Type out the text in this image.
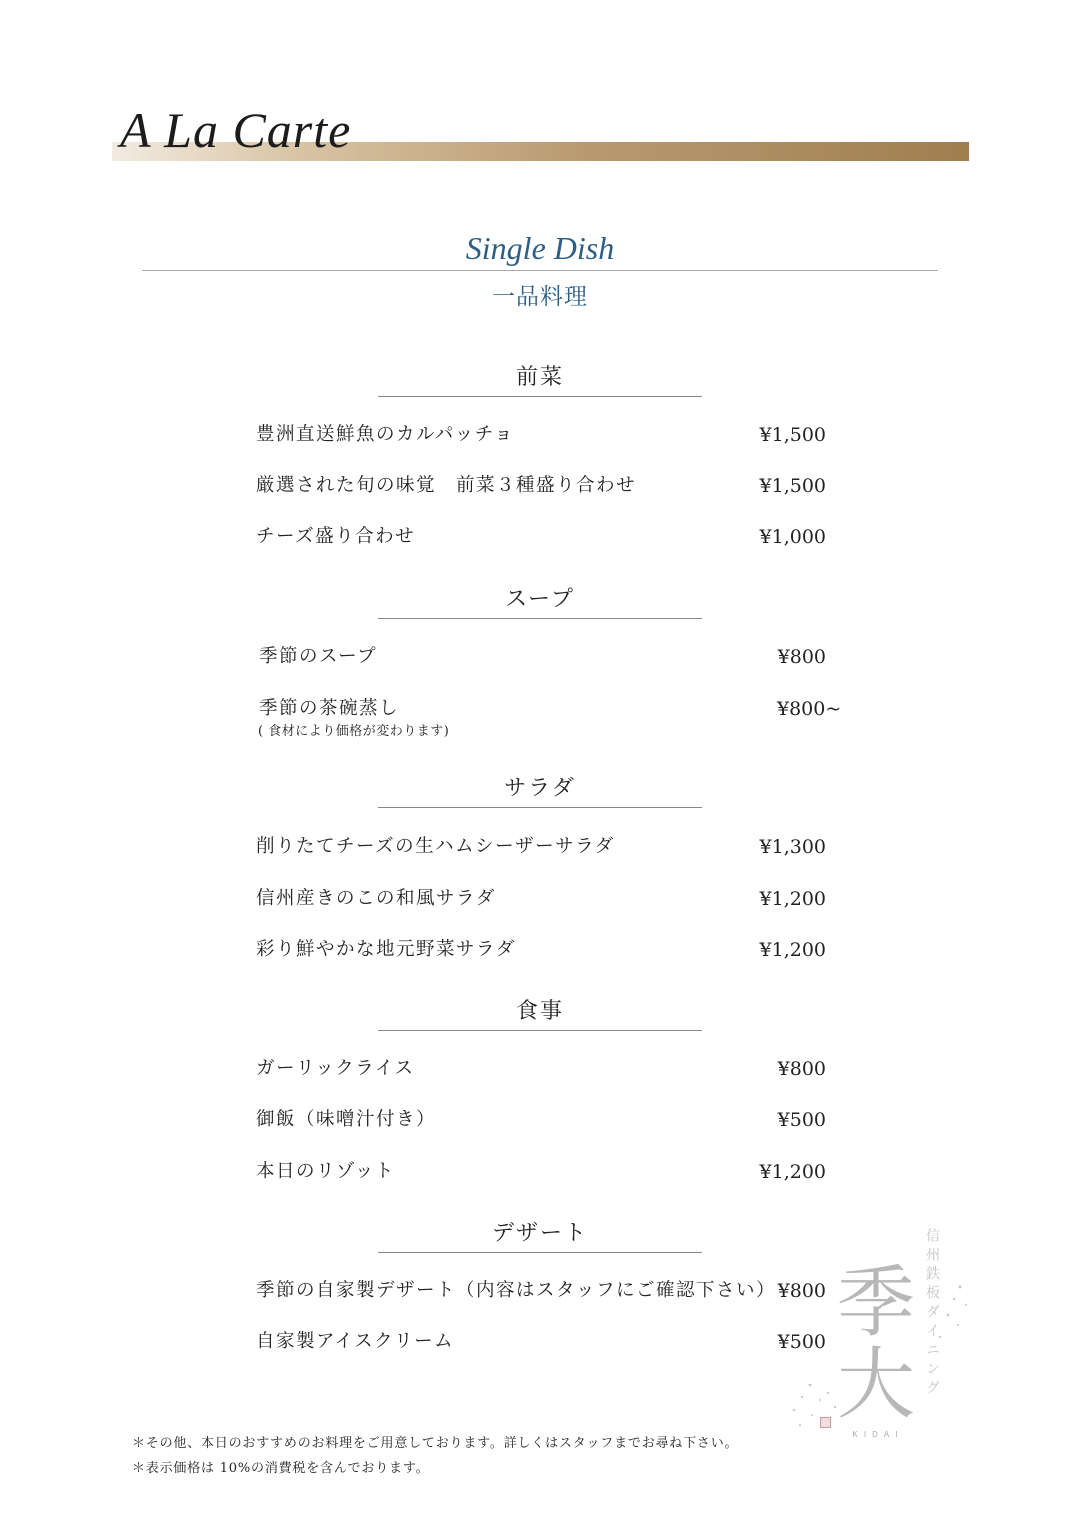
A La Carte
Single Dish
一品料理
前菜
豊洲直送鮮魚のカルパッチョ	¥1,500
厳選された旬の味覚　前菜３種盛り合わせ	¥1,500
チーズ盛り合わせ	¥1,000
スープ
季節のスープ	¥800
季節の茶碗蒸し	¥800~
( 食材により価格が変わります)
サラダ
削りたてチーズの生ハムシーザーサラダ	¥1,300
信州産きのこの和風サラダ	¥1,200
彩り鮮やかな地元野菜サラダ	¥1,200
食事
ガーリックライス	¥800
御飯（味噌汁付き）	¥500
本日のリゾット	¥1,200
デザート
季節の自家製デザート（内容はスタッフにご確認下さい） ¥800
自家製アイスクリーム	¥500
＊その他、本日のおすすめのお料理をご用意しております。詳しくはスタッフまでお尋ね下さい。
＊表示価格は 10%の消費税を含んでおります。
信州鉄板ダイニング
季大
KIDAI
